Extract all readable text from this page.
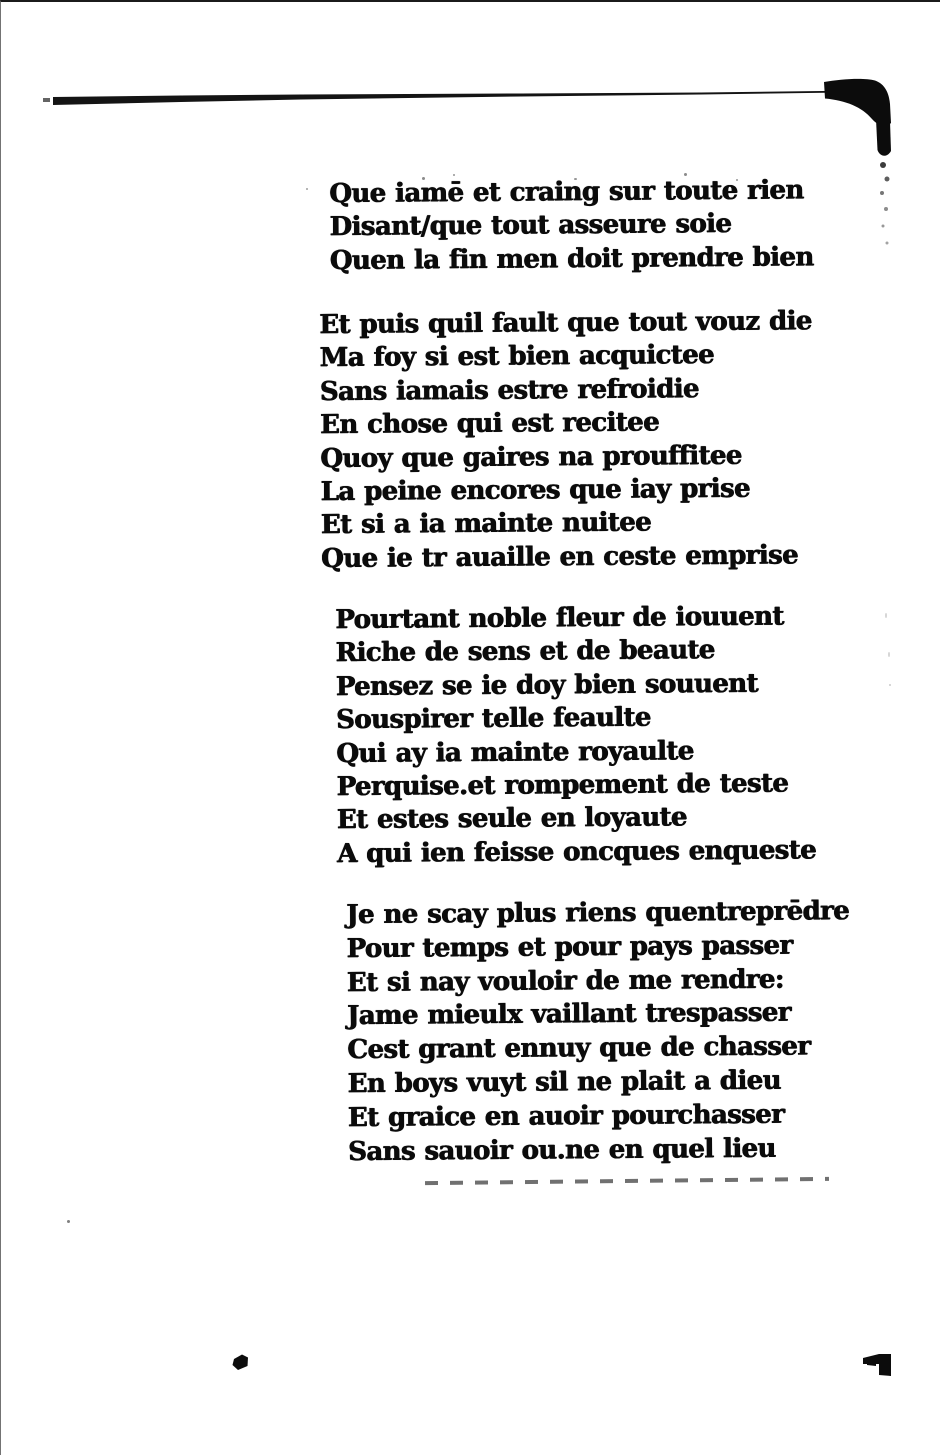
Que iamē et craing sur toute rien
Disant/que tout asseure soie
Quen la fin men doit prendre bien
Et puis quil fault que tout vouz die
Ma foy si est bien acquictee
Sans iamais estre refroidie
En chose qui est recitee
Quoy que gaires na prouffitee
La peine encores que iay prise
Et si a ia mainte nuitee
Que ie tr auaille en ceste emprise
Pourtant noble fleur de iouuent
Riche de sens et de beaute
Pensez se ie doy bien souuent
Souspirer telle feaulte
Qui ay ia mainte royaulte
Perquise.et rompement de teste
Et estes seule en loyaute
A qui ien feisse oncques enqueste
Je ne scay plus riens quentreprēdre
Pour temps et pour pays passer
Et si nay vouloir de me rendre:
Jame mieulx vaillant trespasser
Cest grant ennuy que de chasser
En boys vuyt sil ne plait a dieu
Et graice en auoir pourchasser
Sans sauoir ou.ne en quel lieu
